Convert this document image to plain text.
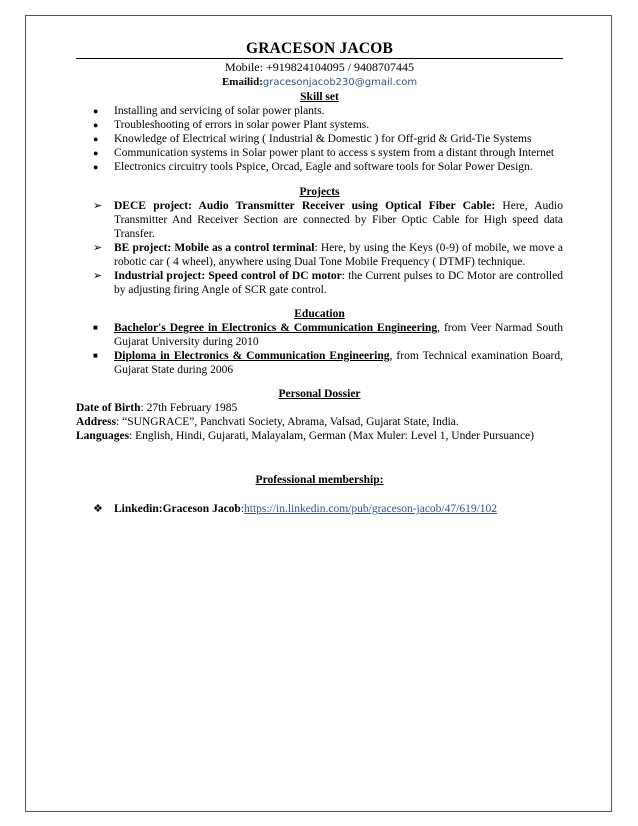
GRACESON JACOB
Mobile: +919824104095 / 9408707445
Emailid:gracesonjacob230@gmail.com
Skill set
● Installing and servicing of solar power plants.
● Troubleshooting of errors in solar power Plant systems.
● Knowledge of Electrical wiring ( Industrial & Domestic ) for Off-grid & Grid-Tie Systems
● Communication systems in Solar power plant to access s system from a distant through Internet
● Electronics circuitry tools Pspice, Orcad, Eagle and software tools for Solar Power Design.
Projects
➢ DECE project: Audio Transmitter Receiver using Optical Fiber Cable: Here, Audio Transmitter And Receiver Section are connected by Fiber Optic Cable for High speed data Transfer.
➢ BE project: Mobile as a control terminal: Here, by using the Keys (0-9) of mobile, we move a robotic car ( 4 wheel), anywhere using Dual Tone Mobile Frequency ( DTMF) technique.
➢ Industrial project: Speed control of DC motor: the Current pulses to DC Motor are controlled by adjusting firing Angle of SCR gate control.
Education
■ Bachelor's Degree in Electronics & Communication Engineering, from Veer Narmad South Gujarat University during 2010
■ Diploma in Electronics & Communication Engineering, from Technical examination Board, Gujarat State during 2006
Personal Dossier
Date of Birth: 27th February 1985
Address: “SUNGRACE”, Panchvati Society, Abrama, Valsad, Gujarat State, India.
Languages: English, Hindi, Gujarati, Malayalam, German (Max Muler: Level 1, Under Pursuance)
Professional membership:
❖ Linkedin:Graceson Jacob:https://in.linkedin.com/pub/graceson-jacob/47/619/102
